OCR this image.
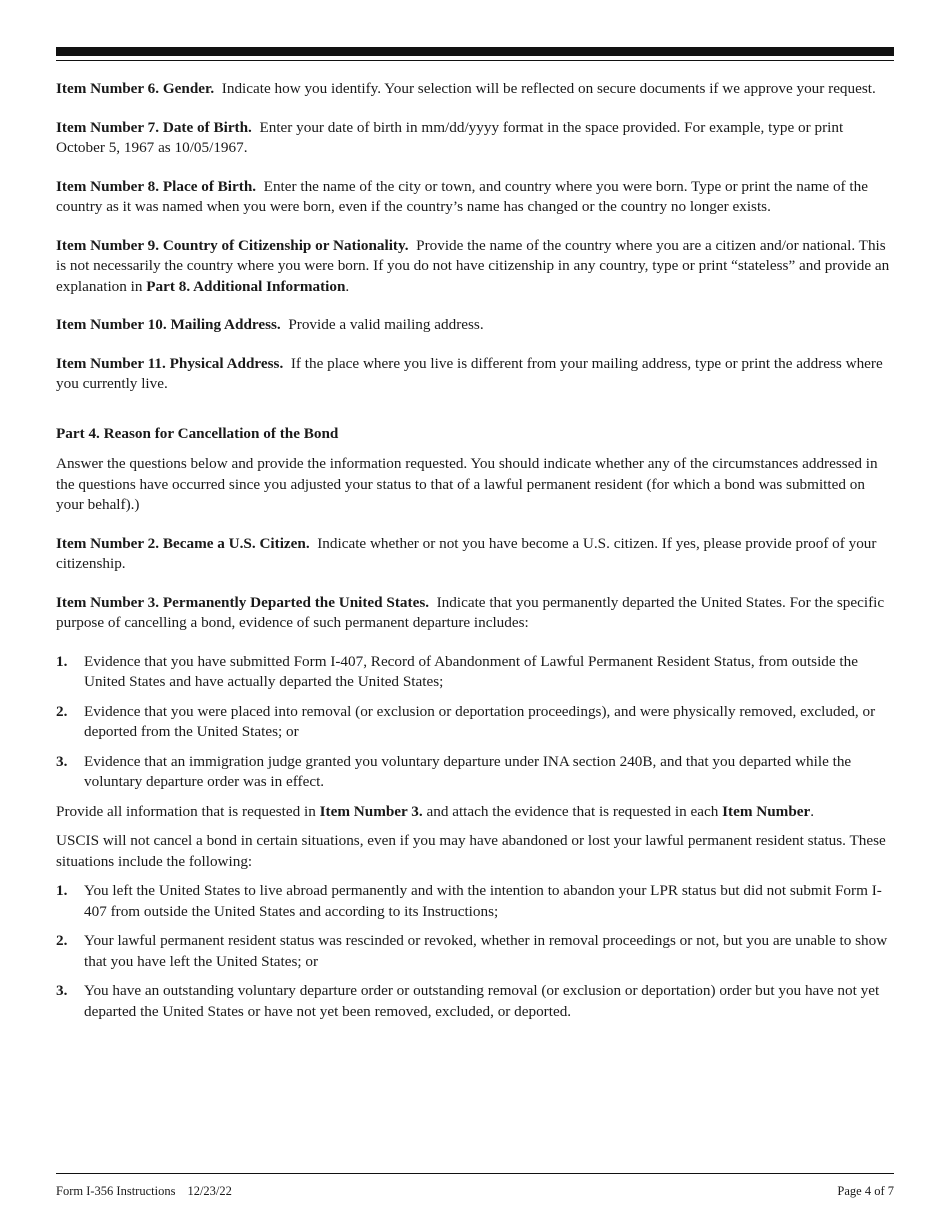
Item Number 6. Gender. Indicate how you identify. Your selection will be reflected on secure documents if we approve your request.

Item Number 7. Date of Birth. Enter your date of birth in mm/dd/yyyy format in the space provided. For example, type or print October 5, 1967 as 10/05/1967.

Item Number 8. Place of Birth. Enter the name of the city or town, and country where you were born. Type or print the name of the country as it was named when you were born, even if the country’s name has changed or the country no longer exists.

Item Number 9. Country of Citizenship or Nationality. Provide the name of the country where you are a citizen and/or national. This is not necessarily the country where you were born. If you do not have citizenship in any country, type or print “stateless” and provide an explanation in Part 8. Additional Information.

Item Number 10. Mailing Address. Provide a valid mailing address.

Item Number 11. Physical Address. If the place where you live is different from your mailing address, type or print the address where you currently live.

Part 4. Reason for Cancellation of the Bond

Answer the questions below and provide the information requested. You should indicate whether any of the circumstances addressed in the questions have occurred since you adjusted your status to that of a lawful permanent resident (for which a bond was submitted on your behalf).)

Item Number 2. Became a U.S. Citizen. Indicate whether or not you have become a U.S. citizen. If yes, please provide proof of your citizenship.

Item Number 3. Permanently Departed the United States. Indicate that you permanently departed the United States. For the specific purpose of cancelling a bond, evidence of such permanent departure includes:

1. Evidence that you have submitted Form I-407, Record of Abandonment of Lawful Permanent Resident Status, from outside the United States and have actually departed the United States;
2. Evidence that you were placed into removal (or exclusion or deportation proceedings), and were physically removed, excluded, or deported from the United States; or
3. Evidence that an immigration judge granted you voluntary departure under INA section 240B, and that you departed while the voluntary departure order was in effect.

Provide all information that is requested in Item Number 3. and attach the evidence that is requested in each Item Number.

USCIS will not cancel a bond in certain situations, even if you may have abandoned or lost your lawful permanent resident status. These situations include the following:

1. You left the United States to live abroad permanently and with the intention to abandon your LPR status but did not submit Form I-407 from outside the United States and according to its Instructions;
2. Your lawful permanent resident status was rescinded or revoked, whether in removal proceedings or not, but you are unable to show that you have left the United States; or
3. You have an outstanding voluntary departure order or outstanding removal (or exclusion or deportation) order but you have not yet departed the United States or have not yet been removed, excluded, or deported.
Form I-356 Instructions 12/23/22	Page 4 of 7
